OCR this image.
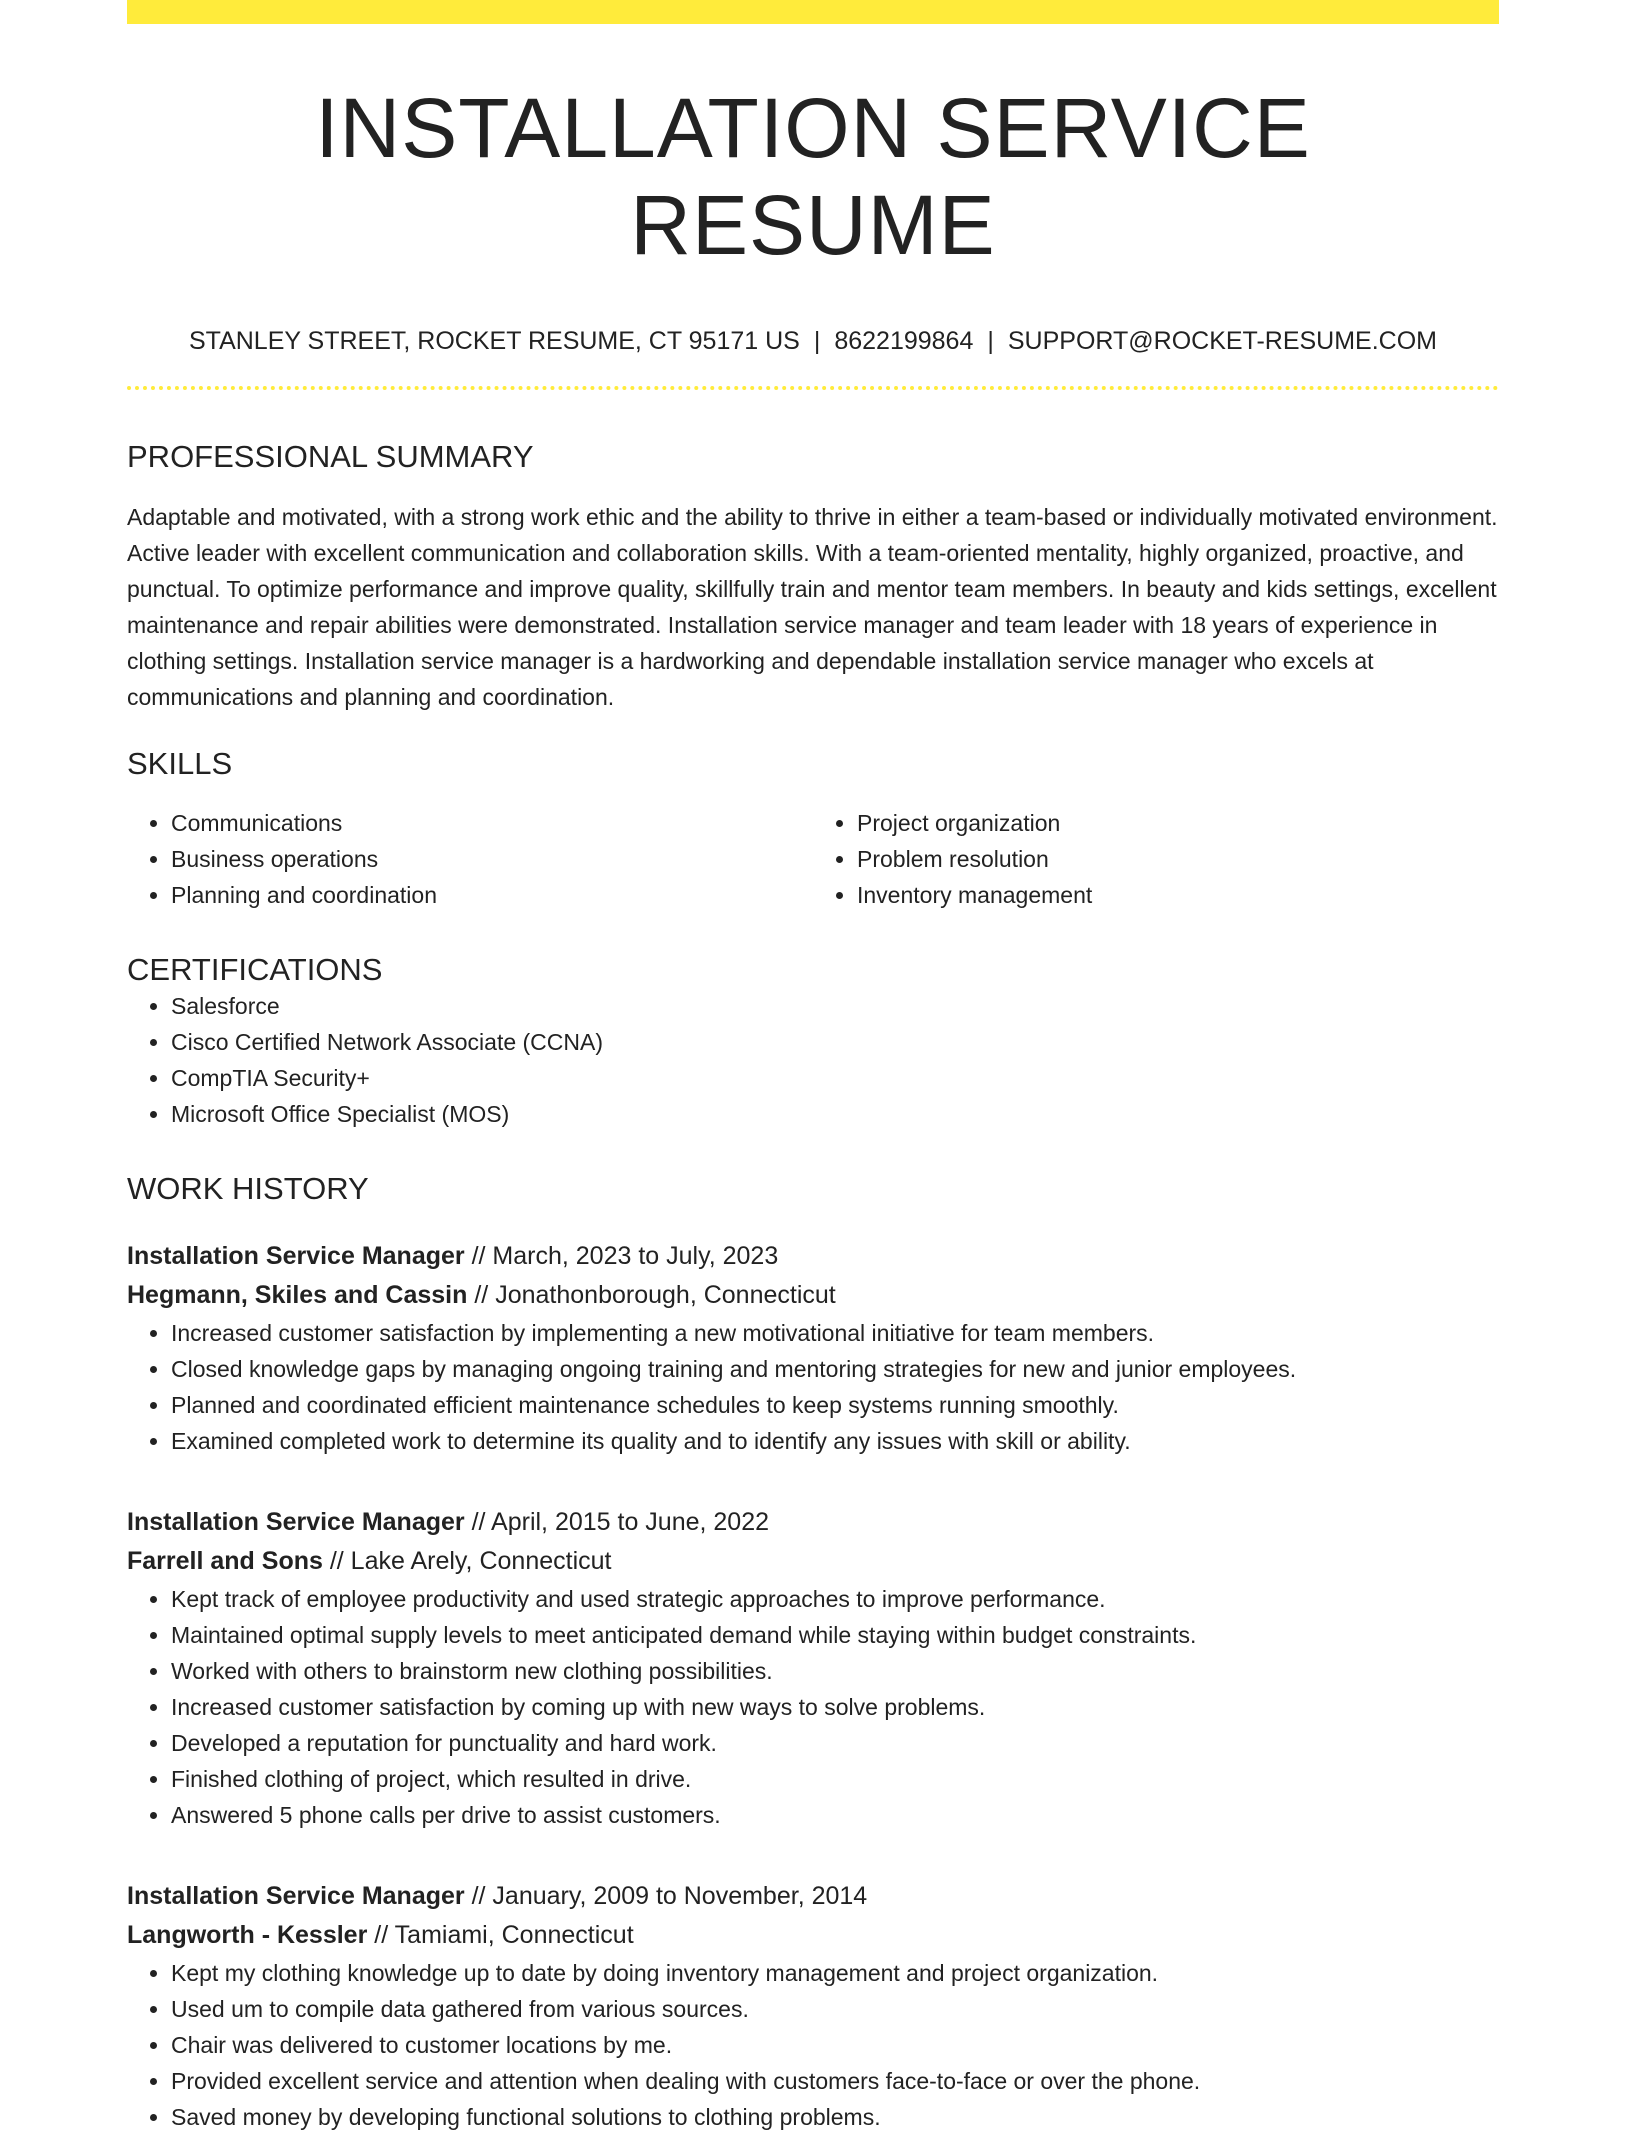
INSTALLATION SERVICE RESUME
STANLEY STREET, ROCKET RESUME, CT 95171 US | 8622199864 | SUPPORT@ROCKET-RESUME.COM
PROFESSIONAL SUMMARY
Adaptable and motivated, with a strong work ethic and the ability to thrive in either a team-based or individually motivated environment. Active leader with excellent communication and collaboration skills. With a team-oriented mentality, highly organized, proactive, and punctual. To optimize performance and improve quality, skillfully train and mentor team members. In beauty and kids settings, excellent maintenance and repair abilities were demonstrated. Installation service manager and team leader with 18 years of experience in clothing settings. Installation service manager is a hardworking and dependable installation service manager who excels at communications and planning and coordination.
SKILLS
• Communications
• Business operations
• Planning and coordination
• Project organization
• Problem resolution
• Inventory management
CERTIFICATIONS
• Salesforce
• Cisco Certified Network Associate (CCNA)
• CompTIA Security+
• Microsoft Office Specialist (MOS)
WORK HISTORY
Installation Service Manager // March, 2023 to July, 2023
Hegmann, Skiles and Cassin // Jonathonborough, Connecticut
• Increased customer satisfaction by implementing a new motivational initiative for team members.
• Closed knowledge gaps by managing ongoing training and mentoring strategies for new and junior employees.
• Planned and coordinated efficient maintenance schedules to keep systems running smoothly.
• Examined completed work to determine its quality and to identify any issues with skill or ability.
Installation Service Manager // April, 2015 to June, 2022
Farrell and Sons // Lake Arely, Connecticut
• Kept track of employee productivity and used strategic approaches to improve performance.
• Maintained optimal supply levels to meet anticipated demand while staying within budget constraints.
• Worked with others to brainstorm new clothing possibilities.
• Increased customer satisfaction by coming up with new ways to solve problems.
• Developed a reputation for punctuality and hard work.
• Finished clothing of project, which resulted in drive.
• Answered 5 phone calls per drive to assist customers.
Installation Service Manager // January, 2009 to November, 2014
Langworth - Kessler // Tamiami, Connecticut
• Kept my clothing knowledge up to date by doing inventory management and project organization.
• Used um to compile data gathered from various sources.
• Chair was delivered to customer locations by me.
• Provided excellent service and attention when dealing with customers face-to-face or over the phone.
• Saved money by developing functional solutions to clothing problems.
